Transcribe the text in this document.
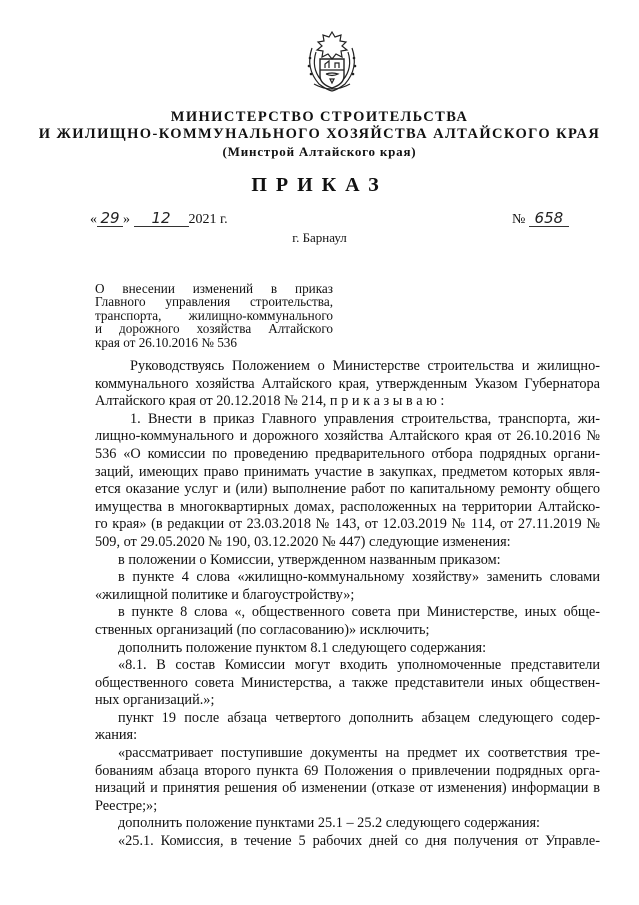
МИНИСТЕРСТВО СТРОИТЕЛЬСТВА
И ЖИЛИЩНО-КОММУНАЛЬНОГО ХОЗЯЙСТВА АЛТАЙСКОГО КРАЯ
(Минстрой Алтайского края)
ПРИКАЗ
« 29 » 12 2021 г.	№ 658
г. Барнаул
О внесении изменений в приказ
Главного управления строительства,
транспорта, жилищно-коммунального
и дорожного хозяйства Алтайского
края от 26.10.2016 № 536
Руководствуясь Положением о Министерстве строительства и жилищно-
коммунального хозяйства Алтайского края, утвержденным Указом Губернатора
Алтайского края от 20.12.2018 № 214, п р и к а з ы в а ю :
1. Внести в приказ Главного управления строительства, транспорта, жи-
лищно-коммунального и дорожного хозяйства Алтайского края от 26.10.2016 №
536 «О комиссии по проведению предварительного отбора подрядных органи-
заций, имеющих право принимать участие в закупках, предметом которых явля-
ется оказание услуг и (или) выполнение работ по капитальному ремонту общего
имущества в многоквартирных домах, расположенных на территории Алтайско-
го края» (в редакции от 23.03.2018 № 143, от 12.03.2019 № 114, от 27.11.2019 №
509, от 29.05.2020 № 190, 03.12.2020 № 447) следующие изменения:
в положении о Комиссии, утвержденном названным приказом:
в пункте 4 слова «жилищно-коммунальному хозяйству» заменить словами
«жилищной политике и благоустройству»;
в пункте 8 слова «, общественного совета при Министерстве, иных обще-
ственных организаций (по согласованию)» исключить;
дополнить положение пунктом 8.1 следующего содержания:
«8.1. В состав Комиссии могут входить уполномоченные представители
общественного совета Министерства, а также представители иных обществен-
ных организаций.»;
пункт 19 после абзаца четвертого дополнить абзацем следующего содер-
жания:
«рассматривает поступившие документы на предмет их соответствия тре-
бованиям абзаца второго пункта 69 Положения о привлечении подрядных орга-
низаций и принятия решения об изменении (отказе от изменения) информации в
Реестре;»;
дополнить положение пунктами 25.1 – 25.2 следующего содержания:
«25.1. Комиссия, в течение 5 рабочих дней со дня получения от Управле-
